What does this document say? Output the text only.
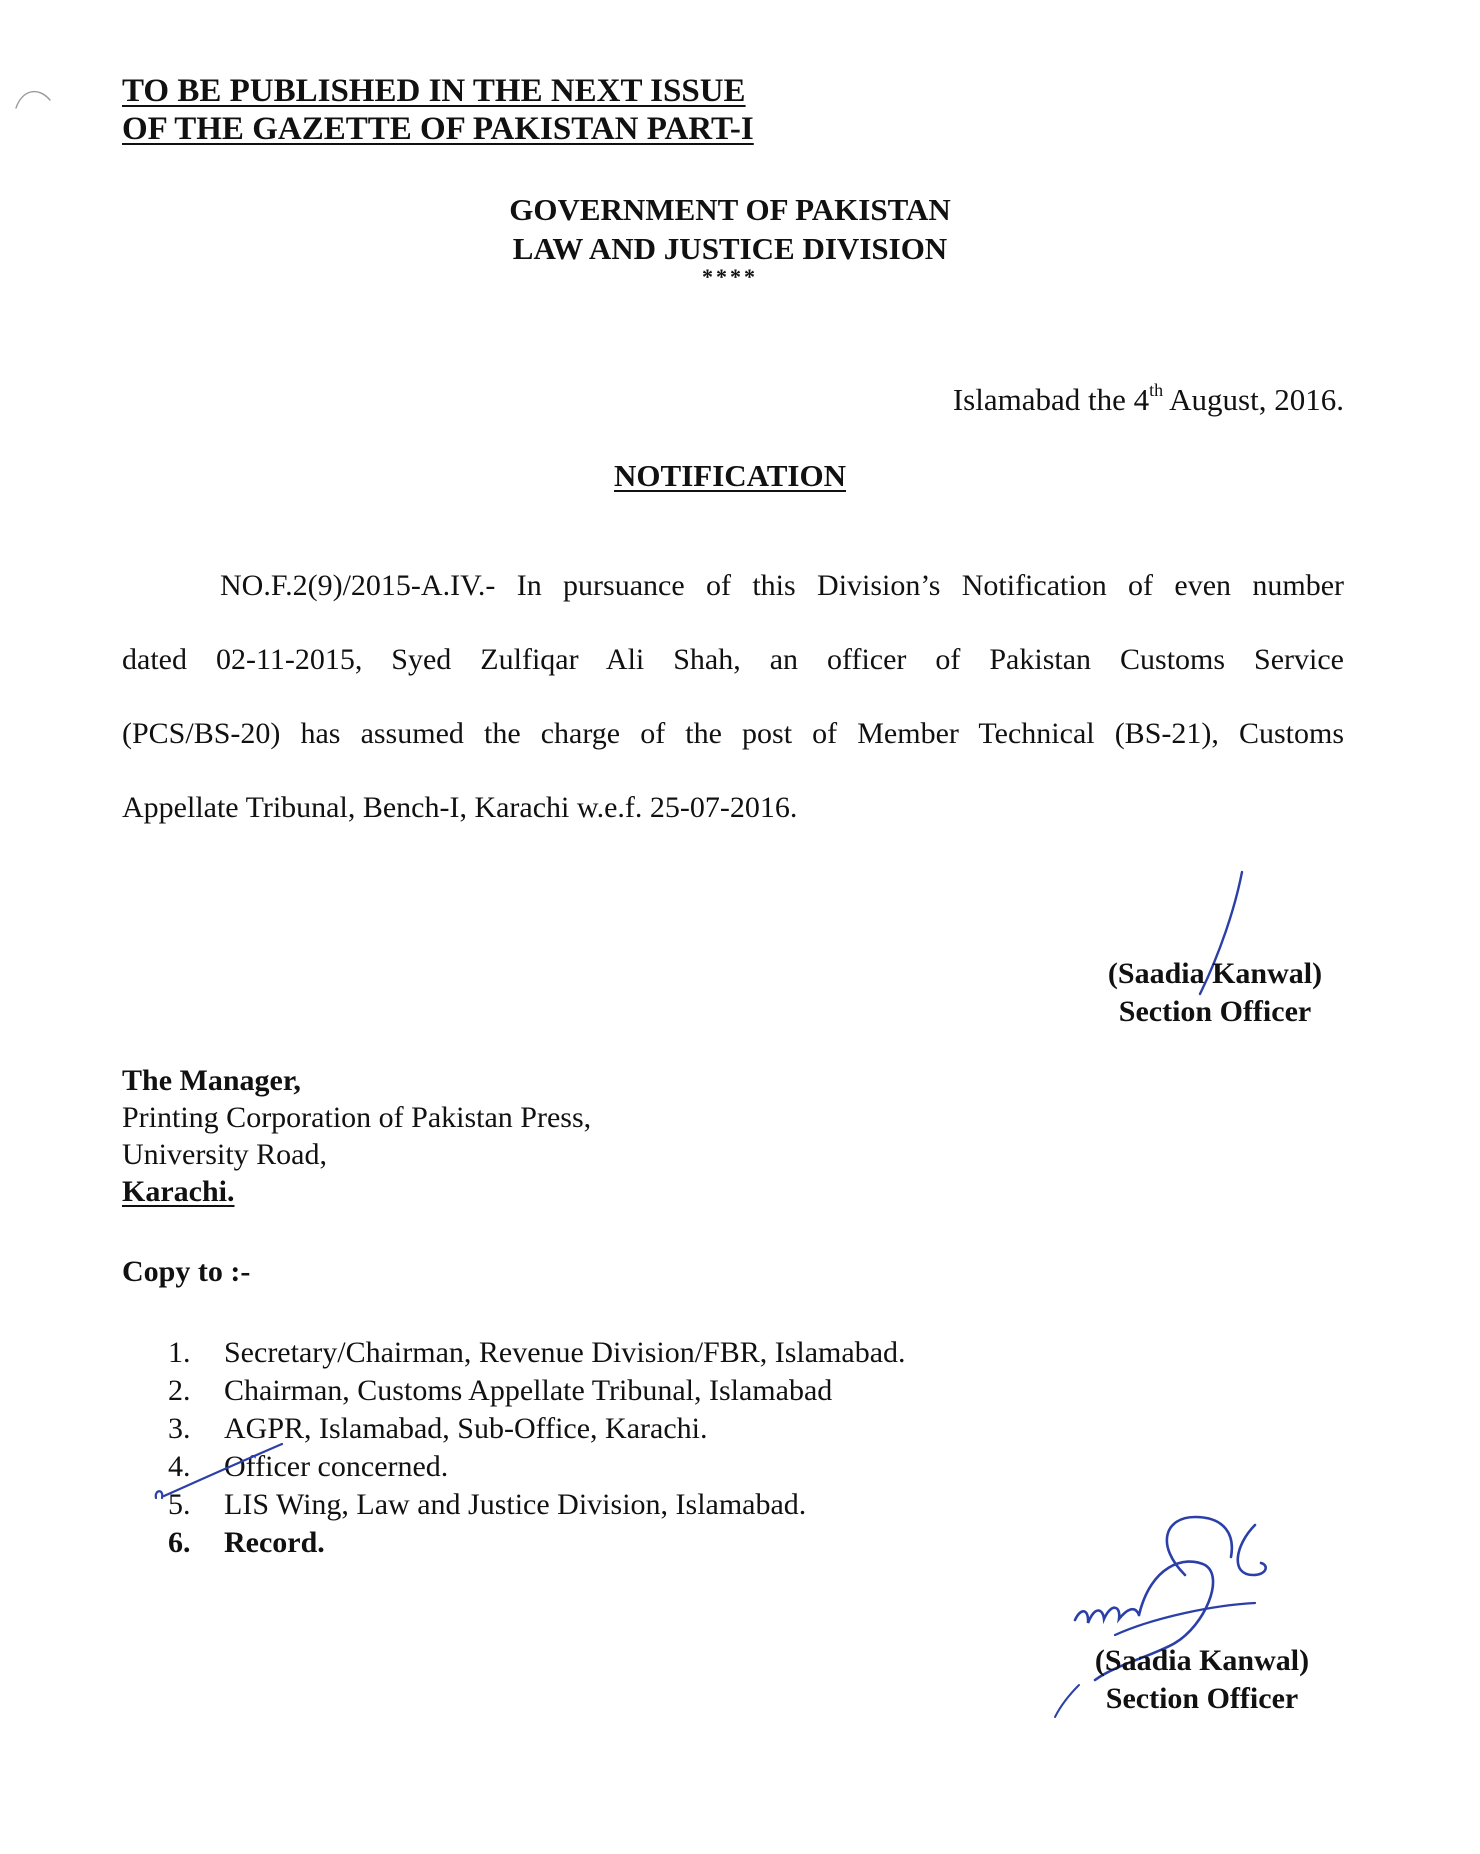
TO BE PUBLISHED IN THE NEXT ISSUE
OF THE GAZETTE OF PAKISTAN PART-I
GOVERNMENT OF PAKISTAN
LAW AND JUSTICE DIVISION
****
Islamabad the 4th August, 2016.
NOTIFICATION
NO.F.2(9)/2015-A.IV.- In pursuance of this Division’s Notification of even number
dated 02-11-2015, Syed Zulfiqar Ali Shah, an officer of Pakistan Customs Service
(PCS/BS-20) has assumed the charge of the post of Member Technical (BS-21), Customs
Appellate Tribunal, Bench-I, Karachi w.e.f. 25-07-2016.
(Saadia Kanwal)
Section Officer
The Manager,
Printing Corporation of Pakistan Press,
University Road,
Karachi.
Copy to :-
1.	Secretary/Chairman, Revenue Division/FBR, Islamabad.
2.	Chairman, Customs Appellate Tribunal, Islamabad
3.	AGPR, Islamabad, Sub-Office, Karachi.
4.	Officer concerned.
5.	LIS Wing, Law and Justice Division, Islamabad.
6.	Record.
(Saadia Kanwal)
Section Officer
